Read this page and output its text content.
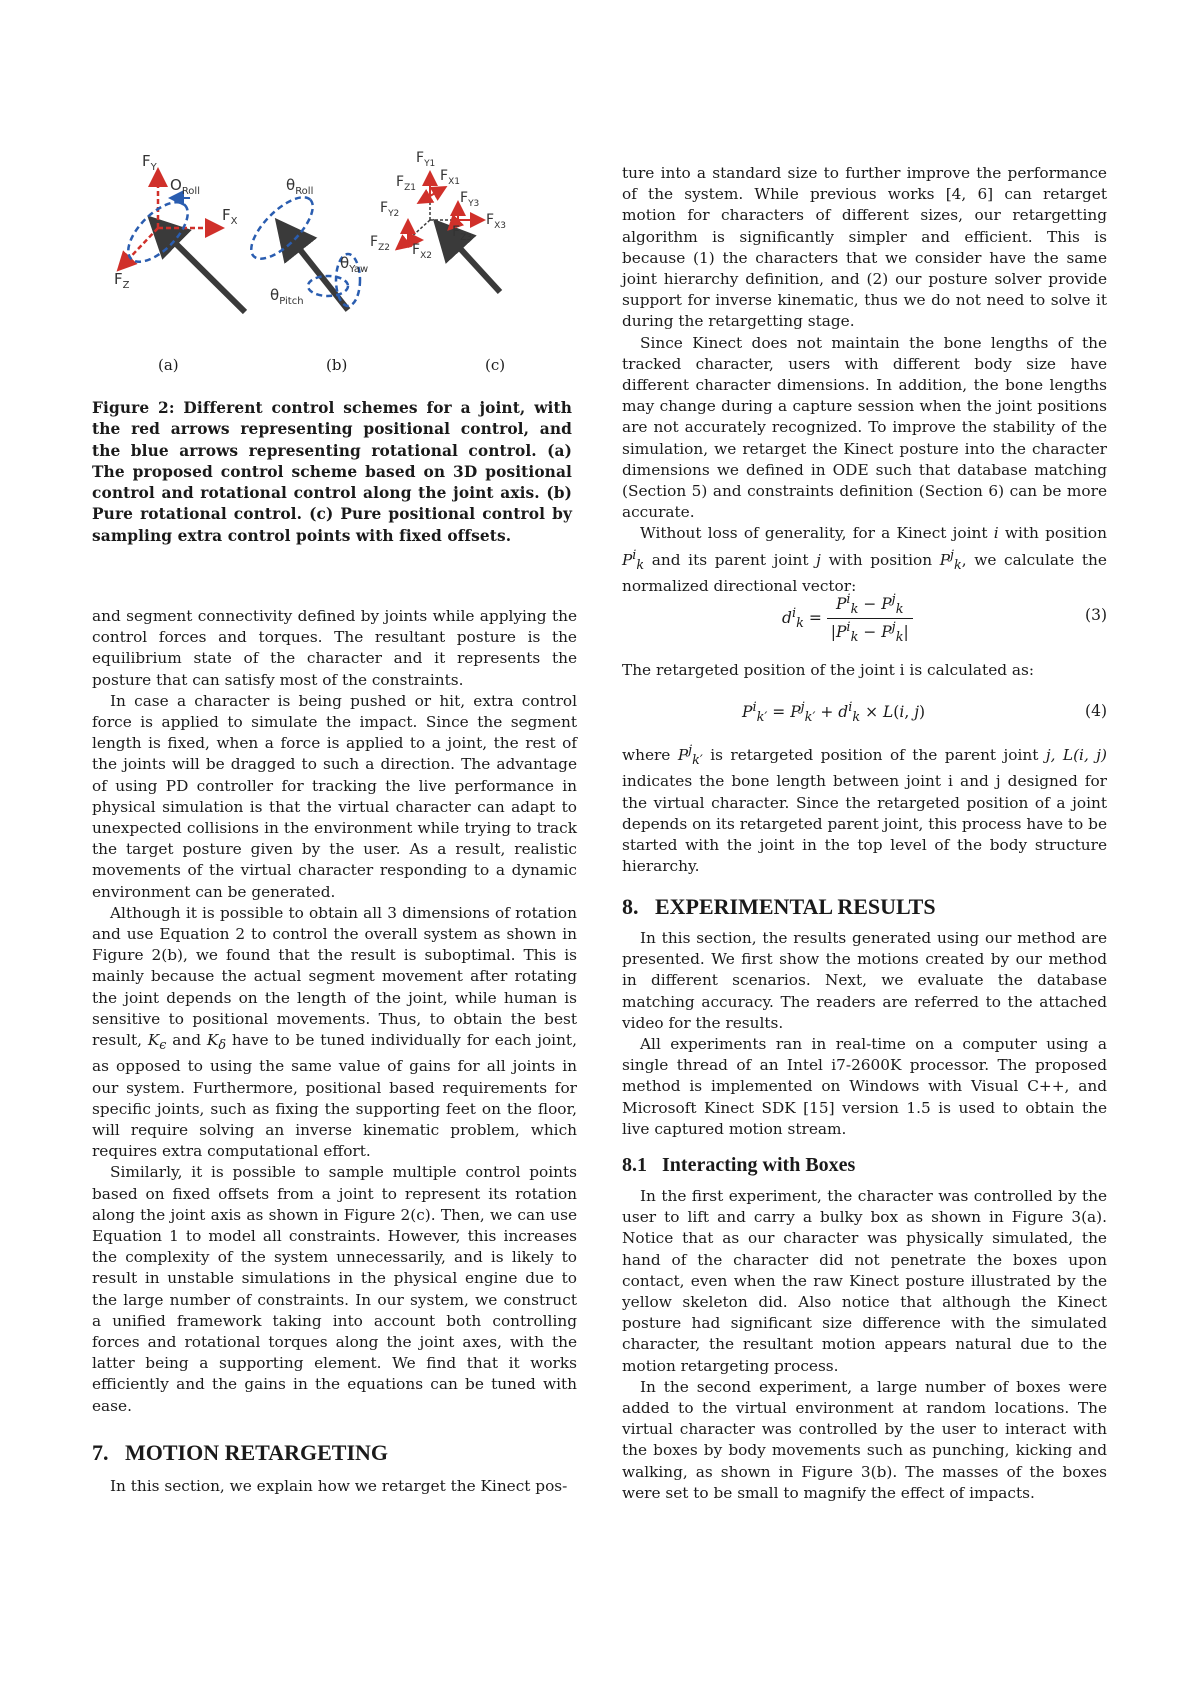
$F_Y$
$O_{Roll}$
$F_X$
$F_Z$
$\theta_{Roll}$
$\theta_{Yaw}$
$\theta_{Pitch}$
$F_{Y1}$
$F_{Z1}$
$F_{X1}$
$F_{Y2}$
$F_{Y3}$
$F_{X3}$
$F_{Z3}$
$F_{Z2}$ $F_{X2}$
(a)	(b)	(c)
Figure 2: Different control schemes for a joint, with the red arrows representing positional control, and the blue arrows representing rotational control. (a) The proposed control scheme based on 3D positional control and rotational control along the joint axis. (b) Pure rotational control. (c) Pure positional control by sampling extra control points with fixed offsets.

and segment connectivity defined by joints while applying the control forces and torques. The resultant posture is the equilibrium state of the character and it represents the posture that can satisfy most of the constraints.

In case a character is being pushed or hit, extra control force is applied to simulate the impact. Since the segment length is fixed, when a force is applied to a joint, the rest of the joints will be dragged to such a direction. The advantage of using PD controller for tracking the live performance in physical simulation is that the virtual character can adapt to unexpected collisions in the environment while trying to track the target posture given by the user. As a result, realistic movements of the virtual character responding to a dynamic environment can be generated.

Although it is possible to obtain all 3 dimensions of rotation and use Equation 2 to control the overall system as shown in Figure 2(b), we found that the result is suboptimal. This is mainly because the actual segment movement after rotating the joint depends on the length of the joint, while human is sensitive to positional movements. Thus, to obtain the best result, $K_\epsilon$ and $K_\delta$ have to be tuned individually for each joint, as opposed to using the same value of gains for all joints in our system. Furthermore, positional based requirements for specific joints, such as fixing the supporting feet on the floor, will require solving an inverse kinematic problem, which requires extra computational effort.

Similarly, it is possible to sample multiple control points based on fixed offsets from a joint to represent its rotation along the joint axis as shown in Figure 2(c). Then, we can use Equation 1 to model all constraints. However, this increases the complexity of the system unnecessarily, and is likely to result in unstable simulations in the physical engine due to the large number of constraints. In our system, we construct a unified framework taking into account both controlling forces and rotational torques along the joint axes, with the latter being a supporting element. We find that it works efficiently and the gains in the equations can be tuned with ease.

7.   MOTION RETARGETING

In this section, we explain how we retarget the Kinect pos-

ture into a standard size to further improve the performance of the system. While previous works [4, 6] can retarget motion for characters of different sizes, our retargetting algorithm is significantly simpler and efficient. This is because (1) the characters that we consider have the same joint hierarchy definition, and (2) our posture solver provide support for inverse kinematic, thus we do not need to solve it during the retargetting stage.

Since Kinect does not maintain the bone lengths of the tracked character, users with different body size have different character dimensions. In addition, the bone lengths may change during a capture session when the joint positions are not accurately recognized. To improve the stability of the simulation, we retarget the Kinect posture into the character dimensions we defined in ODE such that database matching (Section 5) and constraints definition (Section 6) can be more accurate.

Without loss of generality, for a Kinect joint i with position $P^i_k$ and its parent joint j with position $P^j_k$, we calculate the normalized directional vector:

$d^i_k = \frac{P^i_k - P^j_k}{|P^i_k - P^j_k|}$	(3)

The retargeted position of the joint i is calculated as:

$P^i_{k'} = P^j_{k'} + d^i_k \times L(i$, j)	(4)

where $P^j_{k'}$ is retargeted position of the parent joint j, L(i, j) indicates the bone length between joint i and j designed for the virtual character. Since the retargeted position of a joint depends on its retargeted parent joint, this process have to be started with the joint in the top level of the body structure hierarchy.

8.   EXPERIMENTAL RESULTS

In this section, the results generated using our method are presented. We first show the motions created by our method in different scenarios. Next, we evaluate the database matching accuracy. The readers are referred to the attached video for the results.

All experiments ran in real-time on a computer using a single thread of an Intel i7-2600K processor. The proposed method is implemented on Windows with Visual C++, and Microsoft Kinect SDK [15] version 1.5 is used to obtain the live captured motion stream.

8.1   Interacting with Boxes

In the first experiment, the character was controlled by the user to lift and carry a bulky box as shown in Figure 3(a). Notice that as our character was physically simulated, the hand of the character did not penetrate the boxes upon contact, even when the raw Kinect posture illustrated by the yellow skeleton did. Also notice that although the Kinect posture had significant size difference with the simulated character, the resultant motion appears natural due to the motion retargeting process.

In the second experiment, a large number of boxes were added to the virtual environment at random locations. The virtual character was controlled by the user to interact with the boxes by body movements such as punching, kicking and walking, as shown in Figure 3(b). The masses of the boxes were set to be small to magnify the effect of impacts.
